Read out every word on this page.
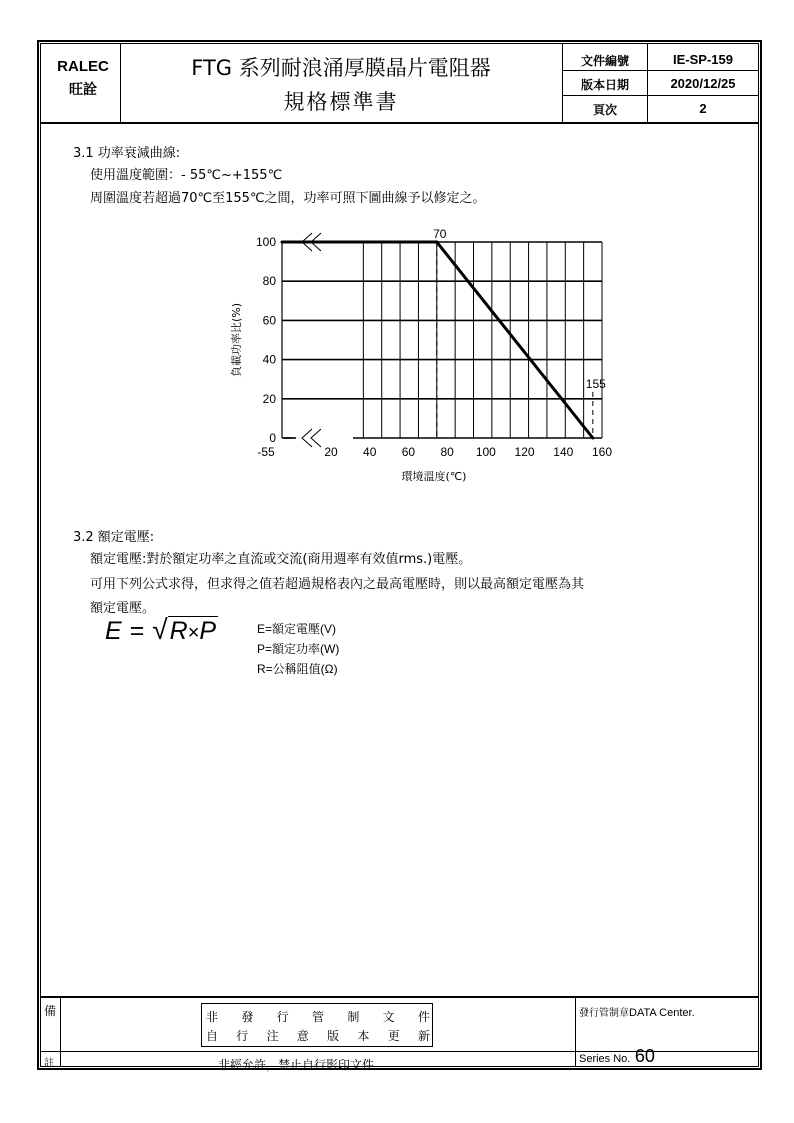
RALEC
旺詮
FTG 系列耐浪涌厚膜晶片電阻器
規格標準書
文件編號	IE-SP-159
版本日期	2020/12/25
頁次	2
3.1 功率衰減曲線:
使用溫度範圍：- 55℃~+155℃
周圍溫度若超過70℃至155℃之間，功率可照下圖曲線予以修定之。
0
20
40
60
80
100
-55	20 40 60 80 100 120 140 160
環境溫度(℃)
負載功率比(%)
70
155
3.2 額定電壓:
額定電壓:對於額定功率之直流或交流(商用週率有效值rms.)電壓。
可用下列公式求得，但求得之值若超過規格表內之最高電壓時，則以最高額定電壓為其
額定電壓。
E = √R×P	E=額定電壓(V)
P=額定功率(W)
R=公稱阻值(Ω)
備
註
非 發 行 管 制 文 件
自 行 注 意 版 本 更 新
非經允許，禁止自行影印文件
發行管制章DATA Center.
Series No. 60
